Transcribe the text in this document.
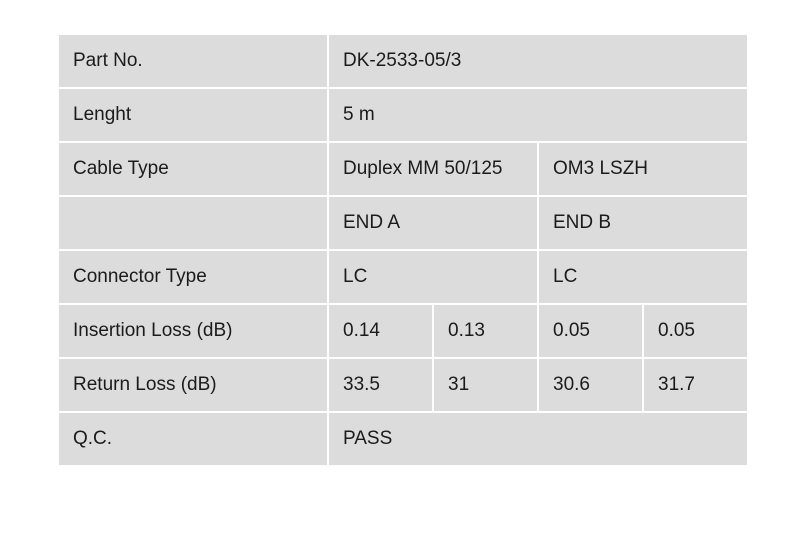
Part No.	DK-2533-05/3			
Lenght	5 m			
Cable Type	Duplex MM 50/125		OM3 LSZH	
	END A		END B	
Connector Type	LC		LC	
Insertion Loss (dB)	0.14	0.13	0.05	0.05
Return Loss (dB)	33.5	31	30.6	31.7
Q.C.	PASS			
